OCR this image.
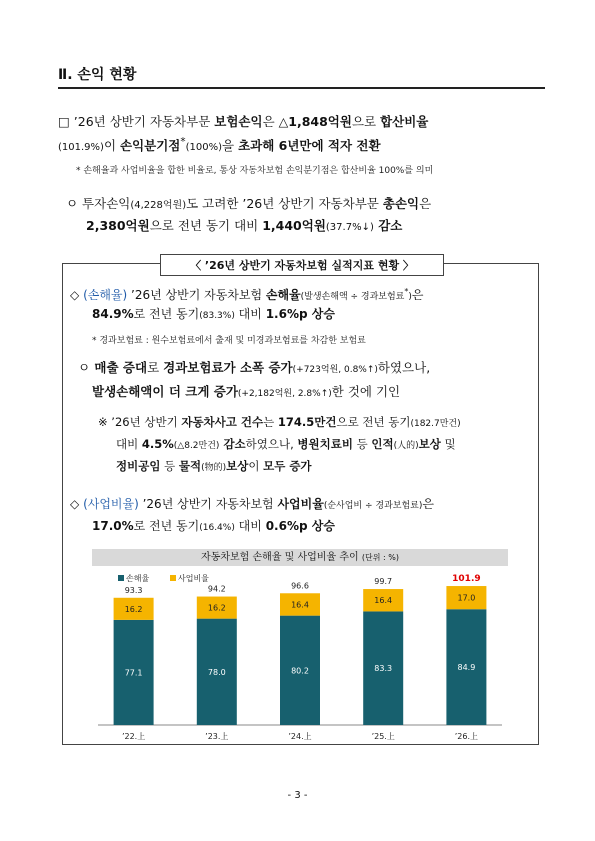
Ⅱ. 손익 현황
□ ’26년 상반기 자동차부문 보험손익은 △1,848억원으로 합산비율
(101.9%)이 손익분기점*(100%)을 초과해 6년만에 적자 전환
* 손해율과 사업비율을 합한 비율로, 통상 자동차보험 손익분기점은 합산비율 100%를 의미
ㅇ 투자손익(4,228억원)도 고려한 ’26년 상반기 자동차부문 총손익은
2,380억원으로 전년 동기 대비 1,440억원(37.7%↓) 감소
〈 ’26년 상반기 자동차보험 실적지표 현황 〉
◇ (손해율) ’26년 상반기 자동차보험 손해율(발생손해액 ÷ 경과보험료*)은
84.9%로 전년 동기(83.3%) 대비 1.6%p 상승
* 경과보험료 : 원수보험료에서 출재 및 미경과보험료를 차감한 보험료
ㅇ 매출 증대로 경과보험료가 소폭 증가(+723억원, 0.8%↑)하였으나,
발생손해액이 더 크게 증가(+2,182억원, 2.8%↑)한 것에 기인
※ ’26년 상반기 자동차사고 건수는 174.5만건으로 전년 동기(182.7만건)
대비 4.5%(△8.2만건) 감소하였으나, 병원치료비 등 인적(人的)보상 및
정비공임 등 물적(物的)보상이 모두 증가
◇ (사업비율) ’26년 상반기 자동차보험 사업비율(순사업비 ÷ 경과보험료)은
17.0%로 전년 동기(16.4%) 대비 0.6%p 상승
자동차보험 손해율 및 사업비율 추이 (단위 : %)
손해율	사업비율
77.1
16.2
93.3
’22.上
78.0
16.2
94.2
’23.上
80.2
16.4
96.6
’24.上
83.3
16.4
99.7
’25.上
84.9
17.0
101.9
’26.上
- 3 -
